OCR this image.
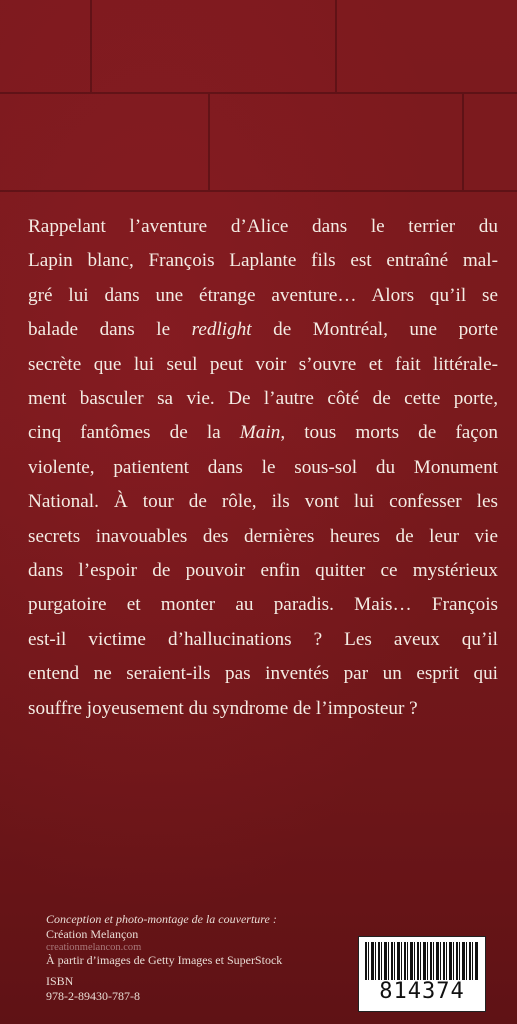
Rappelant l’aventure d’Alice dans le terrier du
Lapin blanc, François Laplante fils est entraîné mal-
gré lui dans une étrange aventure… Alors qu’il se
balade dans le redlight de Montréal, une porte
secrète que lui seul peut voir s’ouvre et fait littérale-
ment basculer sa vie. De l’autre côté de cette porte,
cinq fantômes de la Main, tous morts de façon
violente, patientent dans le sous-sol du Monument
National. À tour de rôle, ils vont lui confesser les
secrets inavouables des dernières heures de leur vie
dans l’espoir de pouvoir enfin quitter ce mystérieux
purgatoire et monter au paradis. Mais… François
est-il victime d’hallucinations ? Les aveux qu’il
entend ne seraient-ils pas inventés par un esprit qui
souffre joyeusement du syndrome de l’imposteur ?
Conception et photo-montage de la couverture :
Création Melançon
creationmelancon.com
À partir d’images de Getty Images et SuperStock
ISBN
978-2-89430-787-8	814374
